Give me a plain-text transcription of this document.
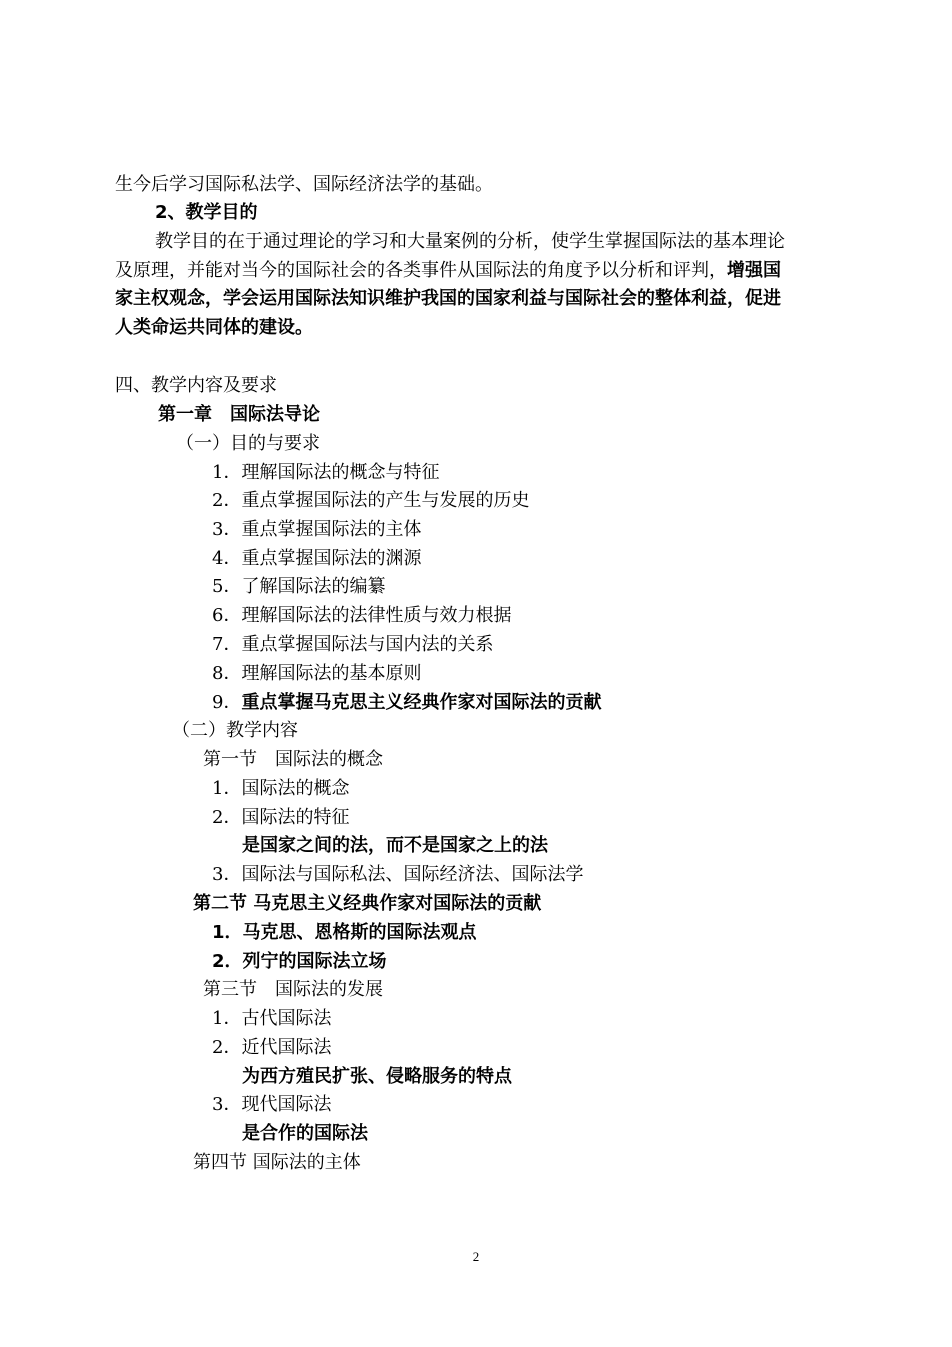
生今后学习国际私法学、国际经济法学的基础。
2、教学目的
教学目的在于通过理论的学习和大量案例的分析，使学生掌握国际法的基本理论
及原理，并能对当今的国际社会的各类事件从国际法的角度予以分析和评判，增强国
家主权观念，学会运用国际法知识维护我国的国家利益与国际社会的整体利益，促进
人类命运共同体的建设。
四、教学内容及要求
第一章　国际法导论
（一）目的与要求
1．理解国际法的概念与特征
2．重点掌握国际法的产生与发展的历史
3．重点掌握国际法的主体
4．重点掌握国际法的渊源
5．了解国际法的编纂
6．理解国际法的法律性质与效力根据
7．重点掌握国际法与国内法的关系
8．理解国际法的基本原则
9．重点掌握马克思主义经典作家对国际法的贡献
（二）教学内容
第一节　国际法的概念
1．国际法的概念
2．国际法的特征
是国家之间的法，而不是国家之上的法
3．国际法与国际私法、国际经济法、国际法学
第二节 马克思主义经典作家对国际法的贡献
1．马克思、恩格斯的国际法观点
2．列宁的国际法立场
第三节　国际法的发展
1．古代国际法
2．近代国际法
为西方殖民扩张、侵略服务的特点
3．现代国际法
是合作的国际法
第四节 国际法的主体
2
